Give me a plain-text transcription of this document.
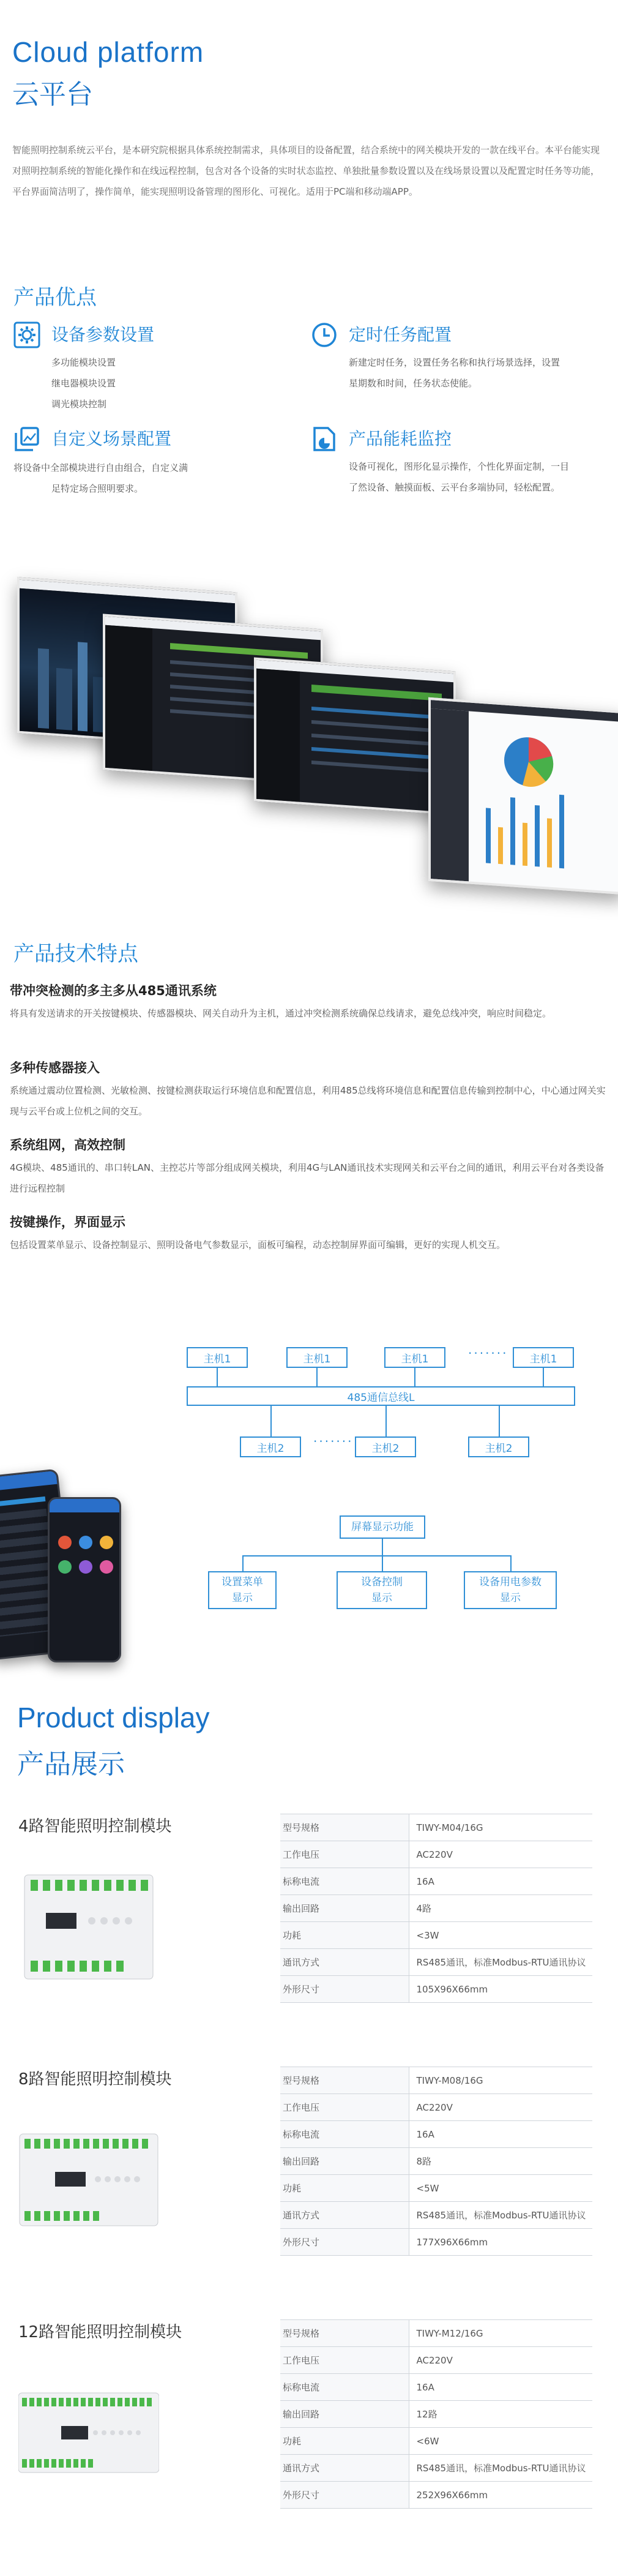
Cloud platform
云平台

智能照明控制系统云平台，是本研究院根据具体系统控制需求，具体项目的设备配置，结合系统中的网关模块开发的一款在线平台。本平台能实现对照明控制系统的智能化操作和在线远程控制，包含对各个设备的实时状态监控、单独批量参数设置以及在线场景设置以及配置定时任务等功能，平台界面简洁明了，操作简单，能实现照明设备管理的图形化、可视化。适用于PC端和移动端APP。

产品优点
设备参数设置
多功能模块设置
继电器模块设置
调光模块控制
定时任务配置
新建定时任务，设置任务名称和执行场景选择，设置
星期数和时间，任务状态使能。
自定义场景配置
将设备中全部模块进行自由组合，自定义满
足特定场合照明要求。
产品能耗监控
设备可视化，图形化显示操作，个性化界面定制，一目
了然设备、触摸面板、云平台多端协同，轻松配置。
产品技术特点
带冲突检测的多主多从485通讯系统
将具有发送请求的开关按键模块、传感器模块、网关自动升为主机，通过冲突检测系统确保总线请求，避免总线冲突，响应时间稳定。
多种传感器接入
系统通过震动位置检测、光敏检测、按键检测获取运行环境信息和配置信息，利用485总线将环境信息和配置信息传输到控制中心，中心通过网关实现与云平台或上位机之间的交互。
系统组网，高效控制
4G模块、485通讯的、串口转LAN、主控芯片等部分组成网关模块，利用4G与LAN通讯技术实现网关和云平台之间的通讯，利用云平台对各类设备进行远程控制
按键操作，界面显示
包括设置菜单显示、设备控制显示、照明设备电气参数显示，面板可编程，动态控制屏界面可编辑，更好的实现人机交互。
主机1	主机1	主机1	·······	主机1
485通信总线L
主机2	·······	主机2	主机2
屏幕显示功能
设置菜单
显示
设备控制
显示
设备用电参数
显示
Product display
产品展示
4路智能照明控制模块	型号规格	TIWY-M04/16G
工作电压	AC220V
标称电流	16A
输出回路	4路
功耗	<3W
通讯方式	RS485通讯，标准Modbus-RTU通讯协议
外形尺寸	105X96X66mm
8路智能照明控制模块	型号规格	TIWY-M08/16G
工作电压	AC220V
标称电流	16A
输出回路	8路
功耗	<5W
通讯方式	RS485通讯，标准Modbus-RTU通讯协议
外形尺寸	177X96X66mm
12路智能照明控制模块	型号规格	TIWY-M12/16G
工作电压	AC220V
标称电流	16A
输出回路	12路
功耗	<6W
通讯方式	RS485通讯，标准Modbus-RTU通讯协议
外形尺寸	252X96X66mm
